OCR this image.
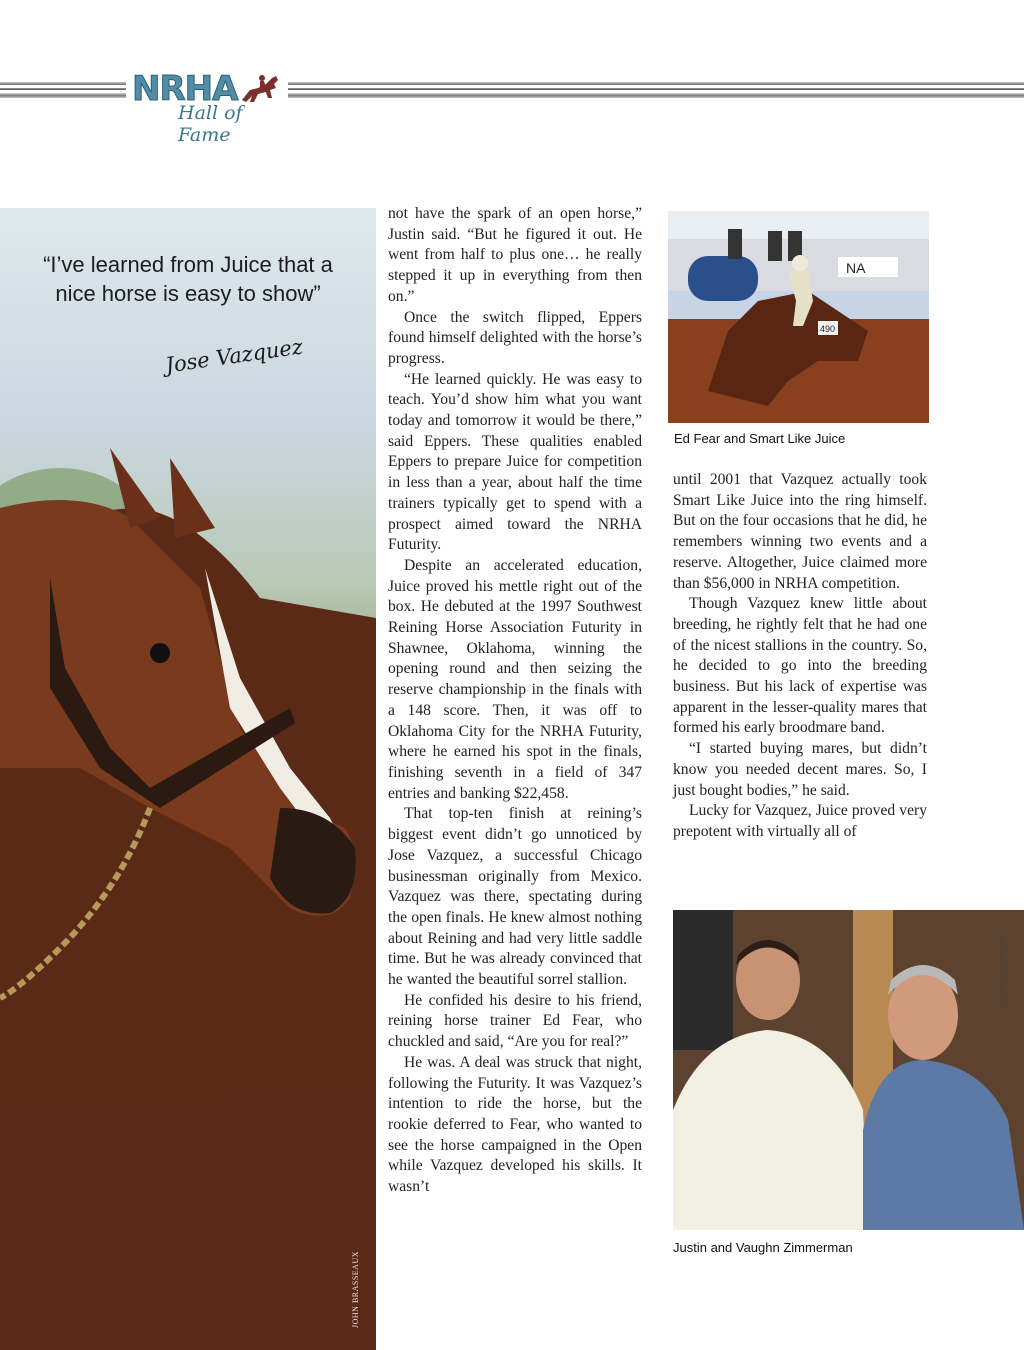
NRHA
Hall of Fame
“I’ve learned from Juice that a nice horse is easy to show”
Jose Vazquez
JOHN BRASSEAUX

not have the spark of an open horse,” Justin said. “But he figured it out. He went from half to plus one… he really stepped it up in everything from then on.”

Once the switch flipped, Eppers found himself delighted with the horse’s progress.

“He learned quickly. He was easy to teach. You’d show him what you want today and tomorrow it would be there,” said Eppers. These qualities enabled Eppers to prepare Juice for competition in less than a year, about half the time trainers typically get to spend with a prospect aimed toward the NRHA Futurity.

Despite an accelerated education, Juice proved his mettle right out of the box. He debuted at the 1997 Southwest Reining Horse Association Futurity in Shawnee, Oklahoma, winning the opening round and then seizing the reserve championship in the finals with a 148 score. Then, it was off to Oklahoma City for the NRHA Futurity, where he earned his spot in the finals, finishing seventh in a field of 347 entries and banking $22,458.

That top-ten finish at reining’s biggest event didn’t go unnoticed by Jose Vazquez, a successful Chicago businessman originally from Mexico. Vazquez was there, spectating during the open finals. He knew almost nothing about Reining and had very little saddle time. But he was already convinced that he wanted the beautiful sorrel stallion.

He confided his desire to his friend, reining horse trainer Ed Fear, who chuckled and said, “Are you for real?”

He was. A deal was struck that night, following the Futurity. It was Vazquez’s intention to ride the horse, but the rookie deferred to Fear, who wanted to see the horse campaigned in the Open while Vazquez developed his skills. It wasn’t

NA
490
Ed Fear and Smart Like Juice

until 2001 that Vazquez actually took Smart Like Juice into the ring himself. But on the four occasions that he did, he remembers winning two events and a reserve. Altogether, Juice claimed more than $56,000 in NRHA competition.

Though Vazquez knew little about breeding, he rightly felt that he had one of the nicest stallions in the country. So, he decided to go into the breeding business. But his lack of expertise was apparent in the lesser-quality mares that formed his early broodmare band.

“I started buying mares, but didn’t know you needed decent mares. So, I just bought bodies,” he said.

Lucky for Vazquez, Juice proved very prepotent with virtually all of

CAPPY JACKSON
Justin and Vaughn Zimmerman
